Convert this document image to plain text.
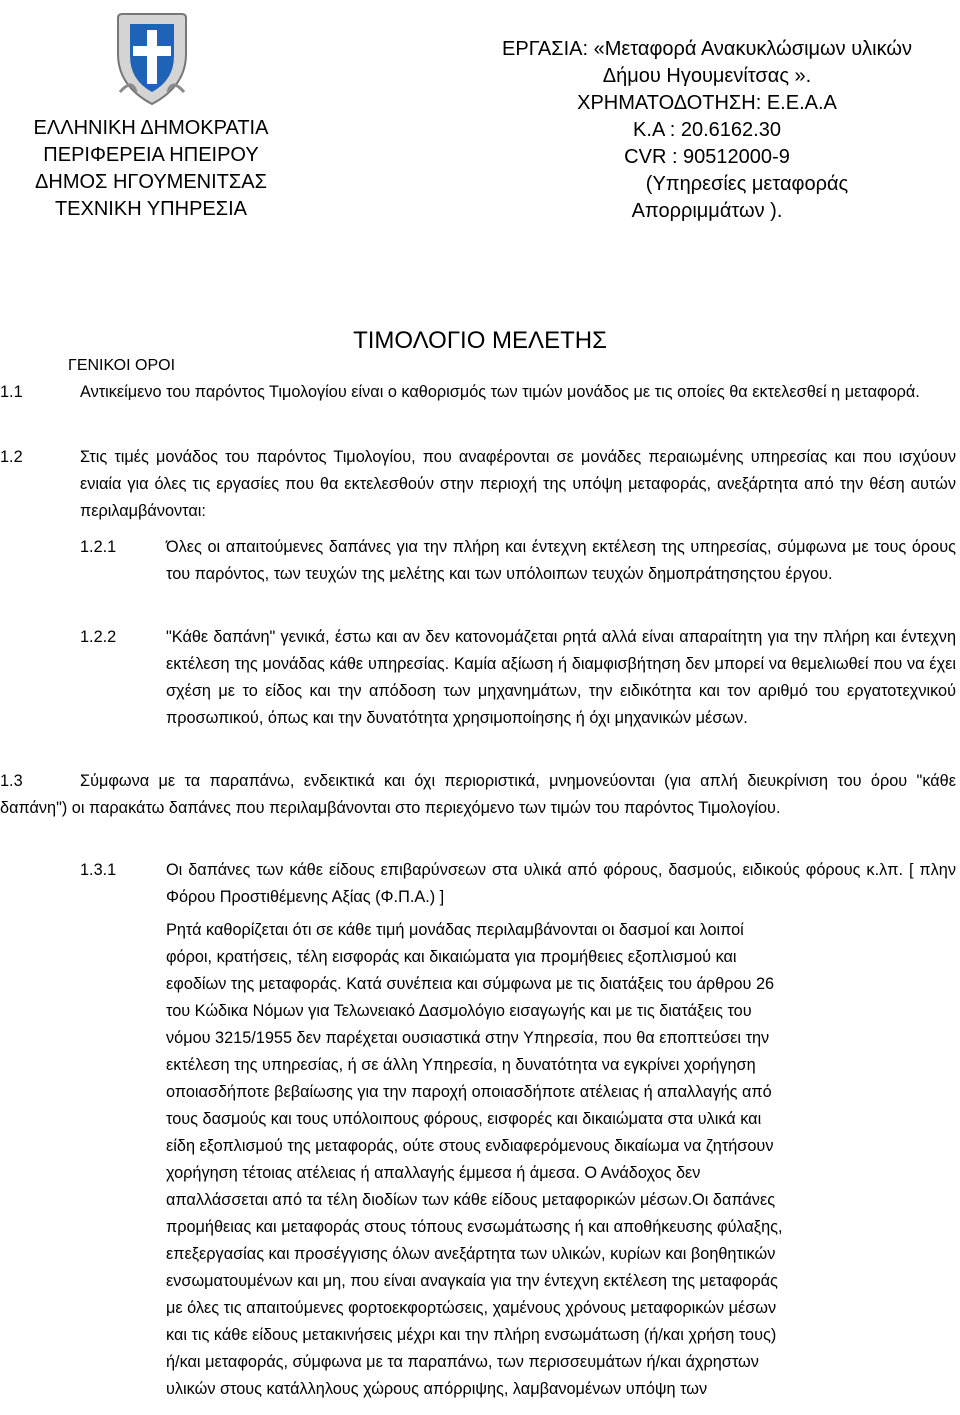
ΕΛΛΗΝΙΚΗ ΔΗΜΟΚΡΑΤΙΑ
ΠΕΡΙΦΕΡΕΙΑ ΗΠΕΙΡΟΥ
ΔΗΜΟΣ ΗΓΟΥΜΕΝΙΤΣΑΣ
ΤΕΧΝΙΚΗ ΥΠΗΡΕΣΙΑ
ΕΡΓΑΣΙΑ: «Μεταφορά Ανακυκλώσιμων υλικών
Δήμου Ηγουμενίτσας ».
ΧΡΗΜΑΤΟΔΟΤΗΣΗ: Ε.Ε.Α.Α
Κ.Α : 20.6162.30
CVR : 90512000-9
(Υπηρεσίες μεταφοράς
Απορριμμάτων ).
ΤΙΜΟΛΟΓΙΟ ΜΕΛΕΤΗΣ
ΓΕΝΙΚΟΙ ΟΡΟΙ
1.1	Αντικείμενο του παρόντος Τιμολογίου είναι ο καθορισμός των τιμών μονάδος με τις οποίες θα εκτελεσθεί η μεταφορά.
1.2	Στις τιμές μονάδος του παρόντος Τιμολογίου, που αναφέρονται σε μονάδες περαιωμένης υπηρεσίας και που ισχύουν ενιαία για όλες τις εργασίες που θα εκτελεσθούν στην περιοχή της υπόψη μεταφοράς, ανεξάρτητα από την θέση αυτών περιλαμβάνονται:
1.2.1	Όλες οι απαιτούμενες δαπάνες για την πλήρη και έντεχνη εκτέλεση της υπηρεσίας, σύμφωνα με τους όρους του παρόντος, των τευχών της μελέτης και των υπόλοιπων τευχών δημοπράτησηςτου έργου.
1.2.2	"Κάθε δαπάνη" γενικά, έστω και αν δεν κατονομάζεται ρητά αλλά είναι απαραίτητη για την πλήρη και έντεχνη εκτέλεση της μονάδας κάθε υπηρεσίας. Καμία αξίωση ή διαμφισβήτηση δεν μπορεί να θεμελιωθεί που να έχει σχέση με το είδος και την απόδοση των μηχανημάτων, την ειδικότητα και τον αριθμό του εργατοτεχνικού προσωπικού, όπως και την δυνατότητα χρησιμοποίησης ή όχι μηχανικών μέσων.
1.3	Σύμφωνα με τα παραπάνω, ενδεικτικά και όχι περιοριστικά, μνημονεύονται (για απλή διευκρίνιση του όρου "κάθε δαπάνη") οι παρακάτω δαπάνες που περιλαμβάνονται στο περιεχόμενο των τιμών του παρόντος Τιμολογίου.
1.3.1	Οι δαπάνες των κάθε είδους επιβαρύνσεων στα υλικά από φόρους, δασμούς, ειδικούς φόρους κ.λπ. [ πλην Φόρου Προστιθέμενης Αξίας (Φ.Π.Α.) ]
Ρητά καθορίζεται ότι σε κάθε τιμή μονάδας περιλαμβάνονται οι δασμοί και λοιποί
φόροι, κρατήσεις, τέλη εισφοράς και δικαιώματα για προμήθειες εξοπλισμού και
εφοδίων της μεταφοράς. Κατά συνέπεια και σύμφωνα με τις διατάξεις του άρθρου 26
του Κώδικα Νόμων για Τελωνειακό Δασμολόγιο εισαγωγής και με τις διατάξεις του
νόμου 3215/1955 δεν παρέχεται ουσιαστικά στην Υπηρεσία, που θα εποπτεύσει την
εκτέλεση της υπηρεσίας, ή σε άλλη Υπηρεσία, η δυνατότητα να εγκρίνει χορήγηση
οποιασδήποτε βεβαίωσης για την παροχή οποιασδήποτε ατέλειας ή απαλλαγής από
τους δασμούς και τους υπόλοιπους φόρους, εισφορές και δικαιώματα στα υλικά και
είδη εξοπλισμού της μεταφοράς, ούτε στους ενδιαφερόμενους δικαίωμα να ζητήσουν
χορήγηση τέτοιας ατέλειας ή απαλλαγής έμμεσα ή άμεσα. Ο Ανάδοχος δεν
απαλλάσσεται από τα τέλη διοδίων των κάθε είδους μεταφορικών μέσων.Οι δαπάνες
προμήθειας και μεταφοράς στους τόπους ενσωμάτωσης ή και αποθήκευσης φύλαξης,
επεξεργασίας και προσέγγισης όλων ανεξάρτητα των υλικών, κυρίων και βοηθητικών
ενσωματουμένων και μη, που είναι αναγκαία για την έντεχνη εκτέλεση της μεταφοράς
με όλες τις απαιτούμενες φορτοεκφορτώσεις, χαμένους χρόνους μεταφορικών μέσων
και τις κάθε είδους μετακινήσεις μέχρι και την πλήρη ενσωμάτωση (ή/και χρήση τους)
ή/και μεταφοράς, σύμφωνα με τα παραπάνω, των περισσευμάτων ή/και άχρηστων
υλικών στους κατάλληλους χώρους απόρριψης, λαμβανομένων υπόψη των
